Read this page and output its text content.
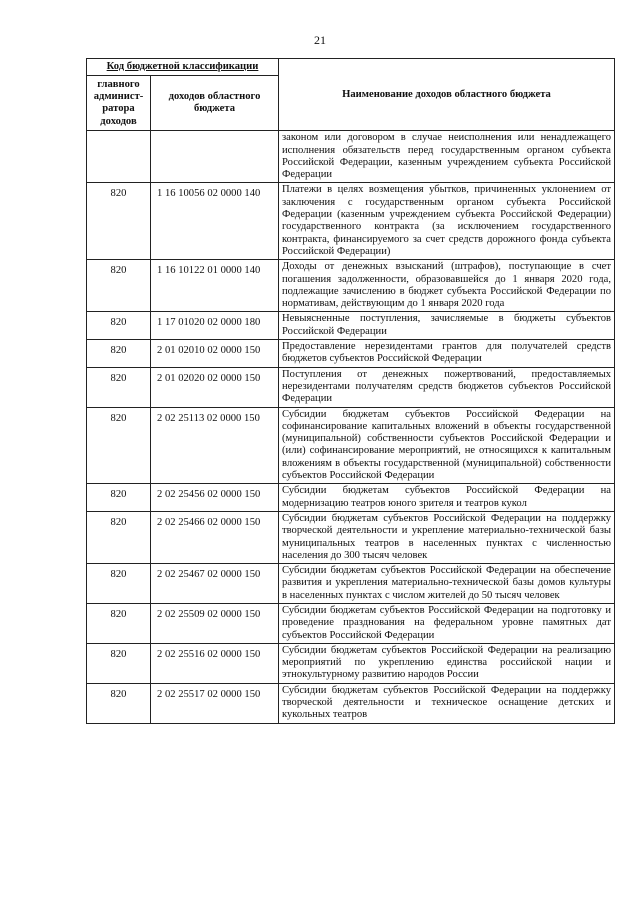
21
Код бюджетной классификации		Наименование доходов областного бюджета
главного админист-ратора доходов	доходов областного бюджета	
		законом или договором в случае неисполнения или ненадлежащего исполнения обязательств перед государственным органом субъекта Российской Федерации, казенным учреждением субъекта Российской Федерации
820	1 16 10056 02 0000 140	Платежи в целях возмещения убытков, причиненных уклонением от заключения с государственным органом субъекта Российской Федерации (казенным учреждением субъекта Российской Федерации) государственного контракта (за исключением государственного контракта, финансируемого за счет средств дорожного фонда субъекта Российской Федерации)
820	1 16 10122 01 0000 140	Доходы от денежных взысканий (штрафов), поступающие в счет погашения задолженности, образовавшейся до 1 января 2020 года, подлежащие зачислению в бюджет субъекта Российской Федерации по нормативам, действующим до 1 января 2020 года
820	1 17 01020 02 0000 180	Невыясненные поступления, зачисляемые в бюджеты субъектов Российской Федерации
820	2 01 02010 02 0000 150	Предоставление нерезидентами грантов для получателей средств бюджетов субъектов Российской Федерации
820	2 01 02020 02 0000 150	Поступления от денежных пожертвований, предоставляемых нерезидентами получателям средств бюджетов субъектов Российской Федерации
820	2 02 25113 02 0000 150	Субсидии бюджетам субъектов Российской Федерации на софинансирование капитальных вложений в объекты государственной (муниципальной) собственности субъектов Российской Федерации и (или) софинансирование мероприятий, не относящихся к капитальным вложениям в объекты государственной (муниципальной) собственности субъектов Российской Федерации
820	2 02 25456 02 0000 150	Субсидии бюджетам субъектов Российской Федерации на модернизацию театров юного зрителя и театров кукол
820	2 02 25466 02 0000 150	Субсидии бюджетам субъектов Российской Федерации на поддержку творческой деятельности и укрепление материально-технической базы муниципальных театров в населенных пунктах с численностью населения до 300 тысяч человек
820	2 02 25467 02 0000 150	Субсидии бюджетам субъектов Российской Федерации на обеспечение развития и укрепления материально-технической базы домов культуры в населенных пунктах с числом жителей до 50 тысяч человек
820	2 02 25509 02 0000 150	Субсидии бюджетам субъектов Российской Федерации на подготовку и проведение празднования на федеральном уровне памятных дат субъектов Российской Федерации
820	2 02 25516 02 0000 150	Субсидии бюджетам субъектов Российской Федерации на реализацию мероприятий по укреплению единства российской нации и этнокультурному развитию народов России
820	2 02 25517 02 0000 150	Субсидии бюджетам субъектов Российской Федерации на поддержку творческой деятельности и техническое оснащение детских и кукольных театров
